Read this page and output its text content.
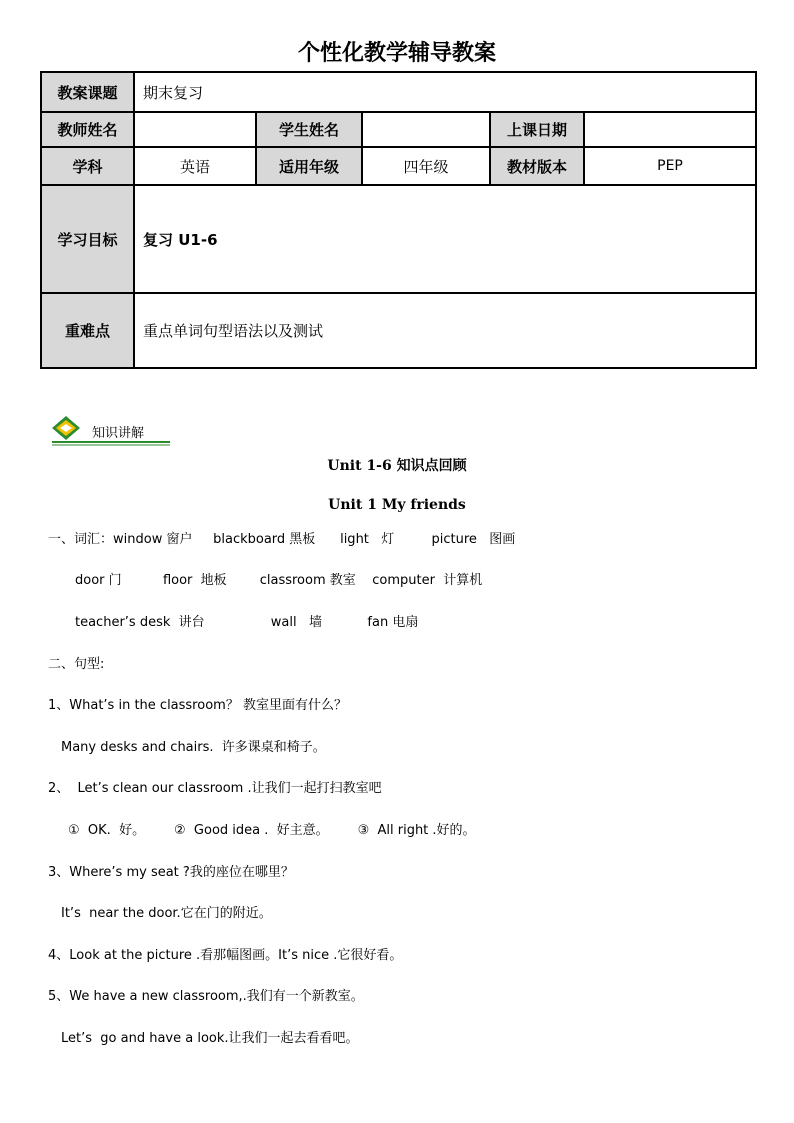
个性化教学辅导教案
教案课题	期末复习				
教师姓名		学生姓名		上课日期	
学科	英语	适用年级	四年级	教材版本	PEP
学习目标	复习 U1-6				
重难点	重点单词句型语法以及测试				
知识讲解
Unit 1-6 知识点回顾
Unit 1 My friends
一、词汇：window 窗户     blackboard 黑板      light   灯         picture   图画
door 门          floor  地板        classroom 教室    computer  计算机
teacher’s desk  讲台                wall   墙           fan 电扇
二、句型:
1、What’s in the classroom？ 教室里面有什么？
Many desks and chairs.  许多课桌和椅子。
2、  Let’s clean our classroom .让我们一起打扫教室吧
①  OK.  好。       ②  Good idea .  好主意。       ③  All right .好的。
3、Where’s my seat ?我的座位在哪里？
It’s  near the door.它在门的附近。
4、Look at the picture .看那幅图画。It’s nice .它很好看。
5、We have a new classroom,.我们有一个新教室。
Let’s  go and have a look.让我们一起去看看吧。
